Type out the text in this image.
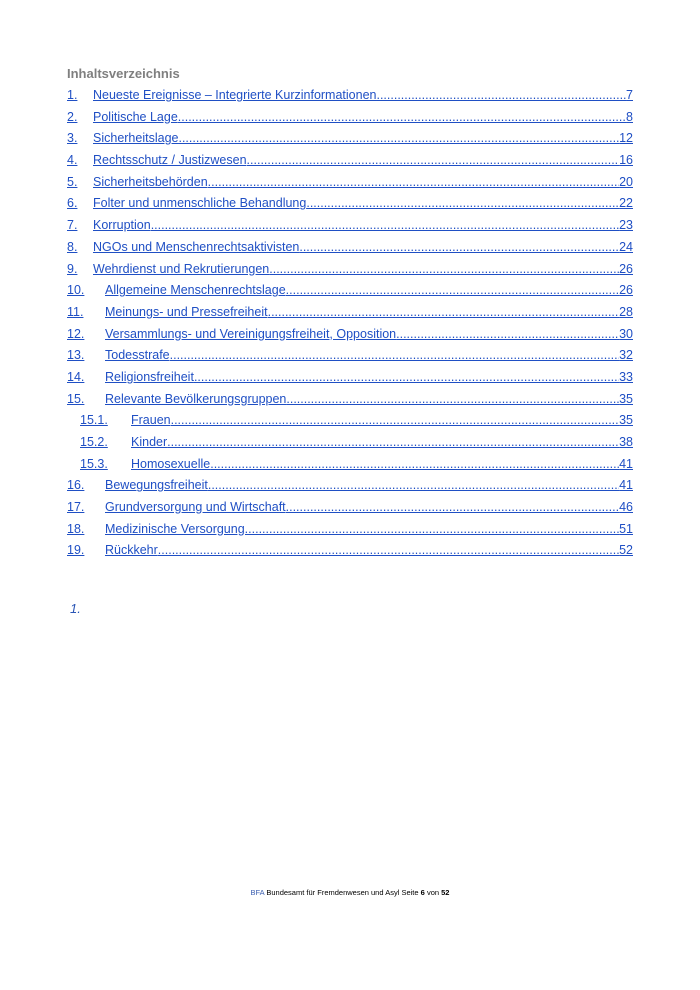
Inhaltsverzeichnis
1.	Neueste Ereignisse – Integrierte Kurzinformationen .....	7
2.	Politische Lage .....	8
3.	Sicherheitslage .....	12
4.	Rechtsschutz / Justizwesen .....	16
5.	Sicherheitsbehörden .....	20
6.	Folter und unmenschliche Behandlung .....	22
7.	Korruption .....	23
8.	NGOs und Menschenrechtsaktivisten .....	24
9.	Wehrdienst und Rekrutierungen .....	26
10.	Allgemeine Menschenrechtslage .....	26
11.	Meinungs- und Pressefreiheit .....	28
12.	Versammlungs- und Vereinigungsfreiheit, Opposition .....	30
13.	Todesstrafe .....	32
14.	Religionsfreiheit .....	33
15.	Relevante Bevölkerungsgruppen .....	35
15.1.	Frauen .....	35
15.2.	Kinder .....	38
15.3.	Homosexuelle .....	41
16.	Bewegungsfreiheit .....	41
17.	Grundversorgung und Wirtschaft .....	46
18.	Medizinische Versorgung .....	51
19.	Rückkehr .....	52
1.
BFA Bundesamt für Fremdenwesen und Asyl Seite 6 von 52
